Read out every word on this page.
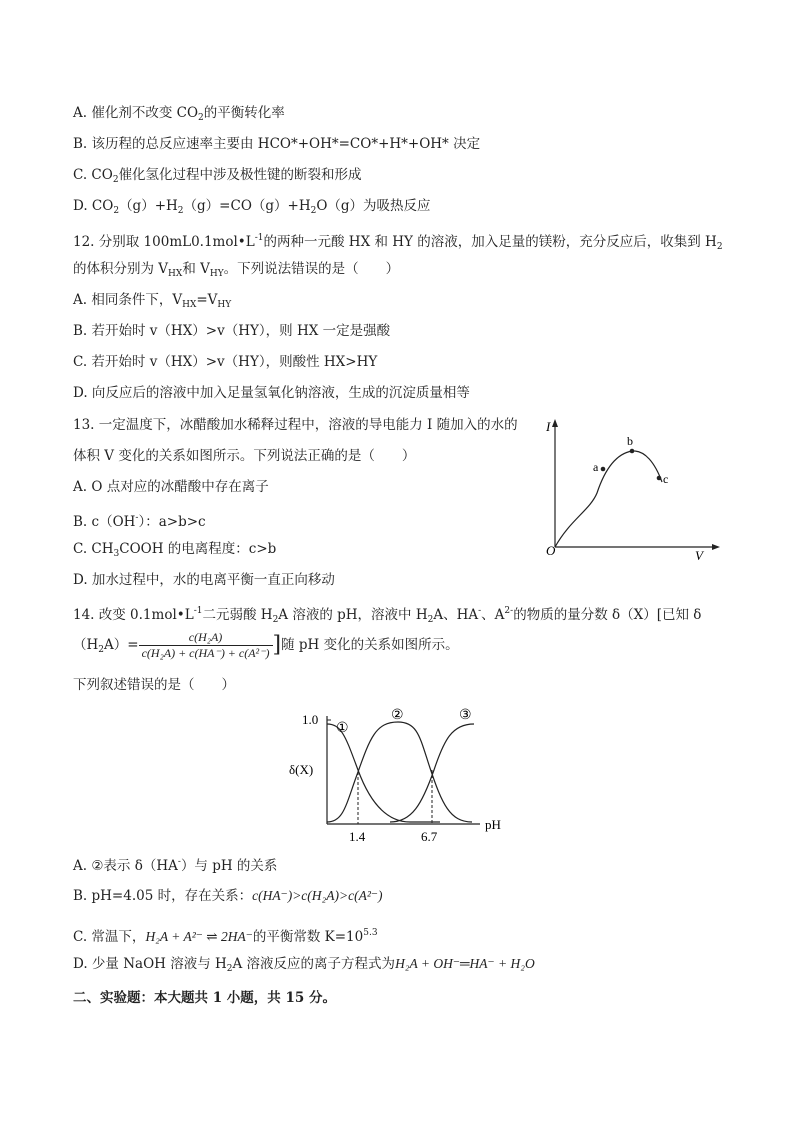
A. 催化剂不改变 $CO_2$的平衡转化率
B. 该历程的总反应速率主要由 HCO*+OH*=CO*+H*+OH* 决定
C. $CO_2$催化氢化过程中涉及极性键的断裂和形成
D. $CO_2(g)+H_2(g)=CO(g)+H_2O(g)$为吸热反应
12. 分别取 $100mL0.1mol•L^{-1}$的两种一元酸 HX 和 HY 的溶液，加入足量的镁粉，充分反应后，收集到 $H_2$
的体积分别为 $V_{HX}$和 $V_{HY}$。下列说法错误的是（　　）
A. 相同条件下，$V_{HX}=V_{HY}$
B. 若开始时 v（HX）>v（HY），则 HX 一定是强酸
C. 若开始时 v（HX）>v（HY），则酸性 HX>HY
D. 向反应后的溶液中加入足量氢氧化钠溶液，生成的沉淀质量相等
13. 一定温度下，冰醋酸加水稀释过程中，溶液的导电能力 I 随加入的水的
体积 V 变化的关系如图所示。下列说法正确的是（　　）
A. O 点对应的冰醋酸中存在离子
B. c（OH-）：a>b>c
C. $CH_3COOH$ 的电离程度：c>b
D. 加水过程中，水的电离平衡一直正向移动
I
V
O
a
b
c
14. 改变 $0.1mol•L^{-1}$二元弱酸 $H_2A$ 溶液的 pH，溶液中 $H_2A$、HA-、$A^{2-}$的物质的量分数 δ（X）[已知 δ
$(H_2A)= \frac{\text{c(H₂A)}}{\text{c(H₂A) + c(HA⁻) + c(A²⁻)}}$ ]随 pH 变化的关系如图所示。
下列叙述错误的是（　　）
1.0
δ(X)
pH
①
②	③
1.4	6.7
A. ②表示 δ（HA-）与 pH 的关系
B. pH=4.05 时，存在关系：c(HA⁻)>c(H₂A)>c(A²⁻)
C. 常温下，H₂A + A²⁻ ⇌ 2HA⁻的平衡常数 $K=10^{5.3}$
D. 少量 NaOH 溶液与 $H_2A$ 溶液反应的离子方程式为H₂A + OH⁻═HA⁻ + H₂O
二、实验题：本大题共 1 小题，共 15 分。
